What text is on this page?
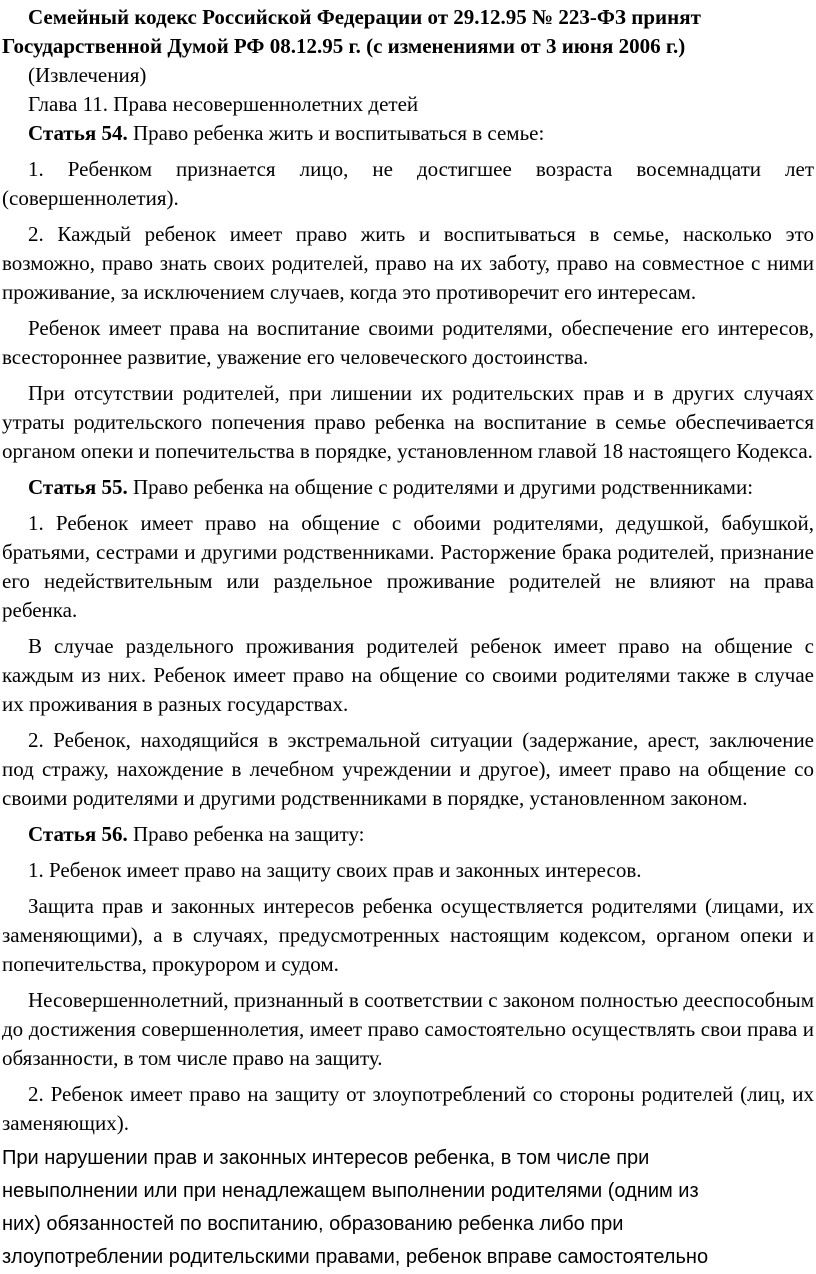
Семейный кодекс Российской Федерации от 29.12.95 № 223-ФЗ принят
Государственной Думой РФ 08.12.95 г. (с изменениями от 3 июня 2006 г.)

(Извлечения)

Глава 11. Права несовершеннолетних детей

Статья 54. Право ребенка жить и воспитываться в семье:

1. Ребенком признается лицо, не достигшее возраста восемнадцати лет (совершеннолетия).

2. Каждый ребенок имеет право жить и воспитываться в семье, насколько это возможно, право знать своих родителей, право на их заботу, право на совместное с ними проживание, за исключением случаев, когда это противоречит его интересам.

Ребенок имеет права на воспитание своими родителями, обеспечение его интересов, всестороннее развитие, уважение его человеческого достоинства.

При отсутствии родителей, при лишении их родительских прав и в других случаях утраты родительского попечения право ребенка на воспитание в семье обеспечивается органом опеки и попечительства в порядке, установленном главой 18 настоящего Кодекса.

Статья 55. Право ребенка на общение с родителями и другими родственниками:

1. Ребенок имеет право на общение с обоими родителями, дедушкой, бабушкой, братьями, сестрами и другими родственниками. Расторжение брака родителей, признание его недействительным или раздельное проживание родителей не влияют на права ребенка.

В случае раздельного проживания родителей ребенок имеет право на общение с каждым из них. Ребенок имеет право на общение со своими родителями также в случае их проживания в разных государствах.

2. Ребенок, находящийся в экстремальной ситуации (задержание, арест, заключение под стражу, нахождение в лечебном учреждении и другое), имеет право на общение со своими родителями и другими родственниками в порядке, установленном законом.

Статья 56. Право ребенка на защиту:

1. Ребенок имеет право на защиту своих прав и законных интересов.

Защита прав и законных интересов ребенка осуществляется родителями (лицами, их заменяющими), а в случаях, предусмотренных настоящим кодексом, органом опеки и попечительства, прокурором и судом.

Несовершеннолетний, признанный в соответствии с законом полностью дееспособным до достижения совершеннолетия, имеет право самостоятельно осуществлять свои права и обязанности, в том числе право на защиту.

2. Ребенок имеет право на защиту от злоупотреблений со стороны родителей (лиц, их заменяющих).

При нарушении прав и законных интересов ребенка, в том числе при
невыполнении или при ненадлежащем выполнении родителями (одним из
них) обязанностей по воспитанию, образованию ребенка либо при
злоупотреблении родительскими правами, ребенок вправе самостоятельно
